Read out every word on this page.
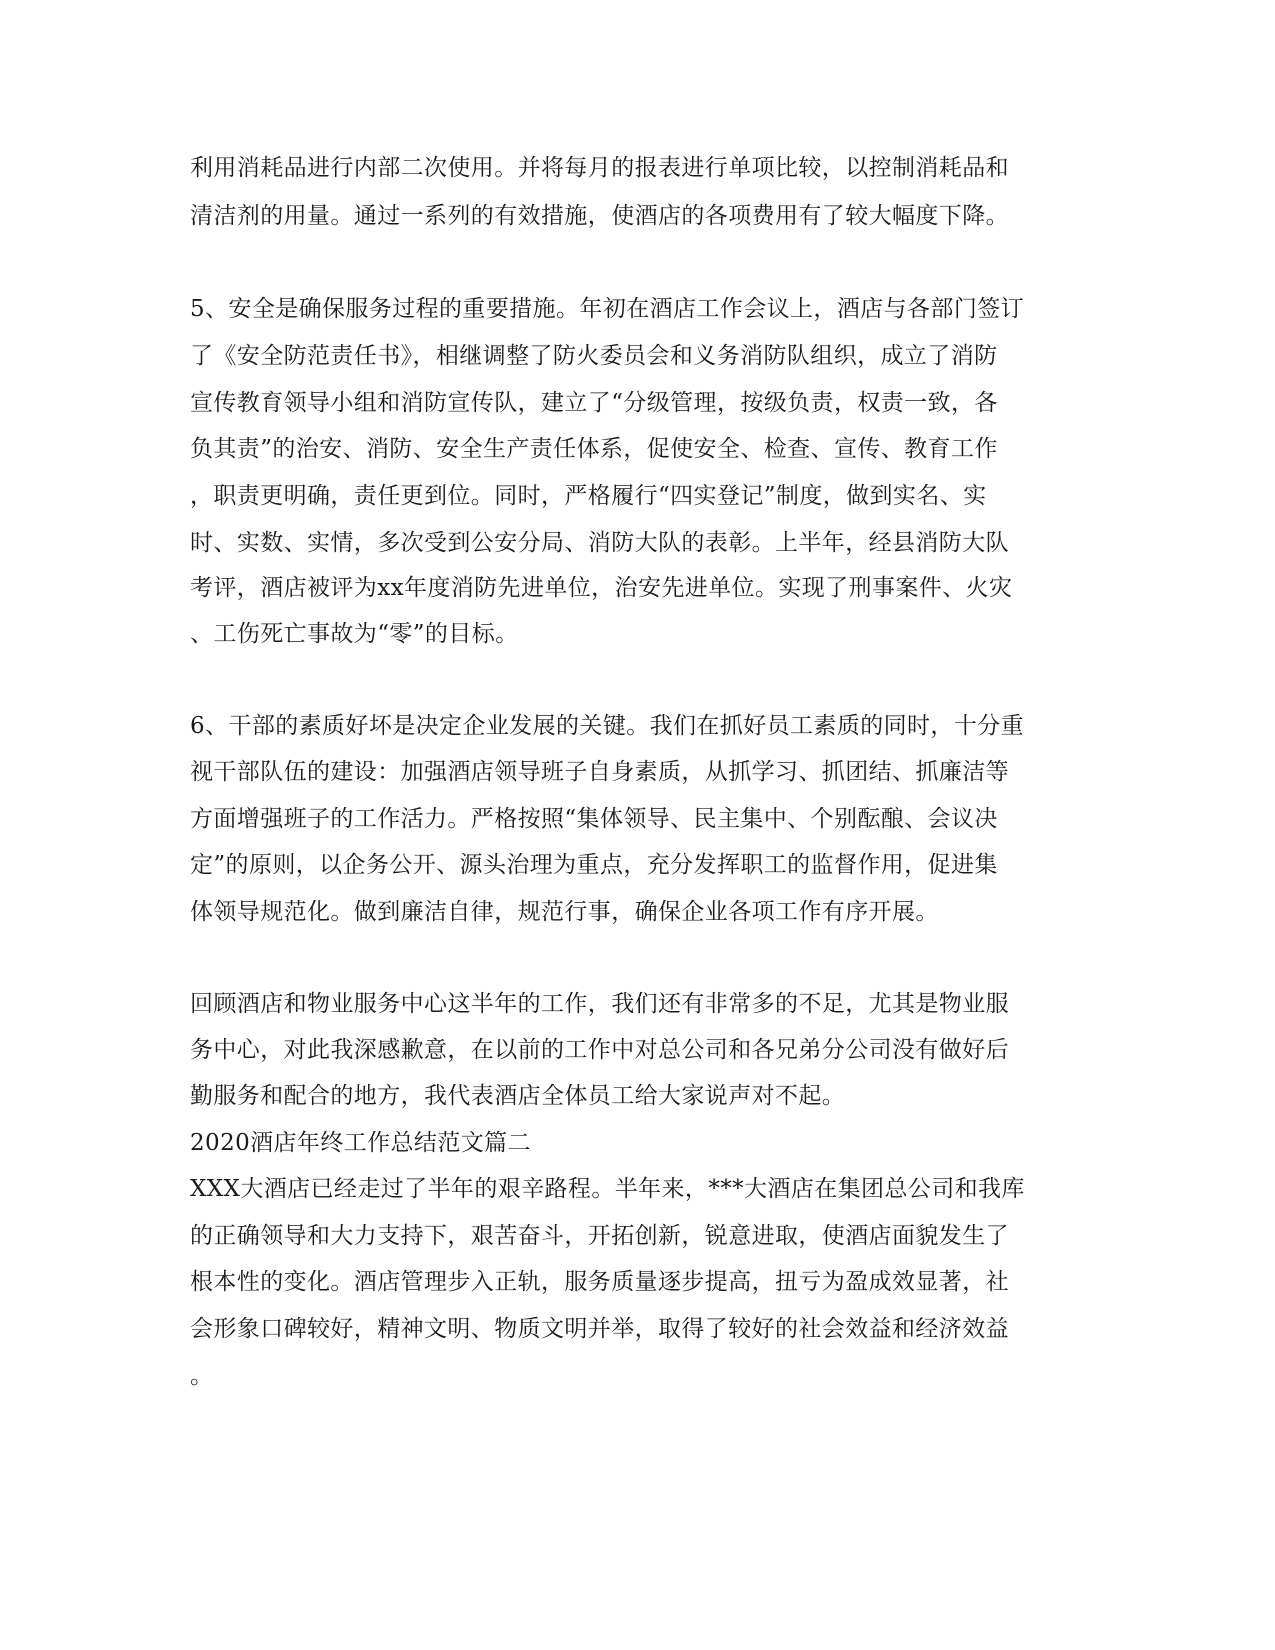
利用消耗品进行内部二次使用。并将每月的报表进行单项比较，以控制消耗品和
清洁剂的用量。通过一系列的有效措施，使酒店的各项费用有了较大幅度下降。
5、安全是确保服务过程的重要措施。年初在酒店工作会议上，酒店与各部门签订
了《安全防范责任书》，相继调整了防火委员会和义务消防队组织，成立了消防
宣传教育领导小组和消防宣传队，建立了“分级管理，按级负责，权责一致，各
负其责”的治安、消防、安全生产责任体系，促使安全、检查、宣传、教育工作
，职责更明确，责任更到位。同时，严格履行“四实登记”制度，做到实名、实
时、实数、实情，多次受到公安分局、消防大队的表彰。上半年，经县消防大队
考评，酒店被评为xx年度消防先进单位，治安先进单位。实现了刑事案件、火灾
、工伤死亡事故为“零”的目标。
6、干部的素质好坏是决定企业发展的关键。我们在抓好员工素质的同时，十分重
视干部队伍的建设：加强酒店领导班子自身素质，从抓学习、抓团结、抓廉洁等
方面增强班子的工作活力。严格按照“集体领导、民主集中、个别酝酿、会议决
定”的原则，以企务公开、源头治理为重点，充分发挥职工的监督作用，促进集
体领导规范化。做到廉洁自律，规范行事，确保企业各项工作有序开展。
回顾酒店和物业服务中心这半年的工作，我们还有非常多的不足，尤其是物业服
务中心，对此我深感歉意，在以前的工作中对总公司和各兄弟分公司没有做好后
勤服务和配合的地方，我代表酒店全体员工给大家说声对不起。
2020酒店年终工作总结范文篇二
XXX大酒店已经走过了半年的艰辛路程。半年来，***大酒店在集团总公司和我库
的正确领导和大力支持下，艰苦奋斗，开拓创新，锐意进取，使酒店面貌发生了
根本性的变化。酒店管理步入正轨，服务质量逐步提高，扭亏为盈成效显著，社
会形象口碑较好，精神文明、物质文明并举，取得了较好的社会效益和经济效益
。
